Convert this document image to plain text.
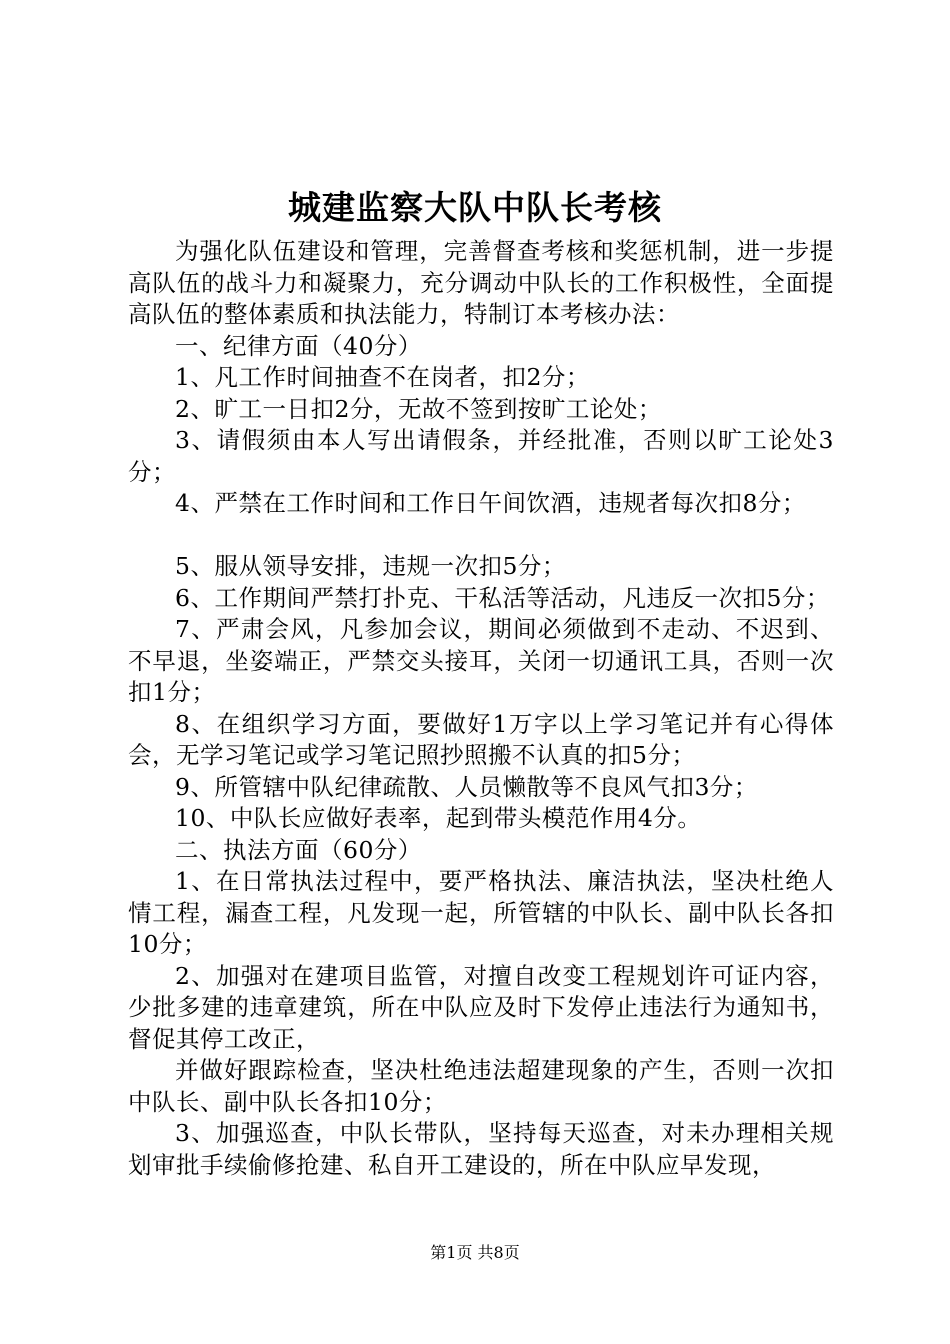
城建监察大队中队长考核

为强化队伍建设和管理，完善督查考核和奖惩机制，进一步提高队伍的战斗力和凝聚力，充分调动中队长的工作积极性，全面提高队伍的整体素质和执法能力，特制订本考核办法：

一、纪律方面（40分）

1、凡工作时间抽查不在岗者，扣2分；

2、旷工一日扣2分，无故不签到按旷工论处；

3、请假须由本人写出请假条，并经批准，否则以旷工论处3分；

4、严禁在工作时间和工作日午间饮酒，违规者每次扣8分；

5、服从领导安排，违规一次扣5分；

6、工作期间严禁打扑克、干私活等活动，凡违反一次扣5分；

7、严肃会风，凡参加会议，期间必须做到不走动、不迟到、不早退，坐姿端正，严禁交头接耳，关闭一切通讯工具，否则一次扣1分；

8、在组织学习方面，要做好1万字以上学习笔记并有心得体会，无学习笔记或学习笔记照抄照搬不认真的扣5分；

9、所管辖中队纪律疏散、人员懒散等不良风气扣3分；

10、中队长应做好表率，起到带头模范作用4分。

二、执法方面（60分）

1、在日常执法过程中，要严格执法、廉洁执法，坚决杜绝人情工程，漏查工程，凡发现一起，所管辖的中队长、副中队长各扣10分；

2、加强对在建项目监管，对擅自改变工程规划许可证内容，少批多建的违章建筑，所在中队应及时下发停止违法行为通知书，督促其停工改正，

并做好跟踪检查，坚决杜绝违法超建现象的产生，否则一次扣中队长、副中队长各扣10分；

3、加强巡查，中队长带队，坚持每天巡查，对未办理相关规划审批手续偷修抢建、私自开工建设的，所在中队应早发现，

第1页 共8页
